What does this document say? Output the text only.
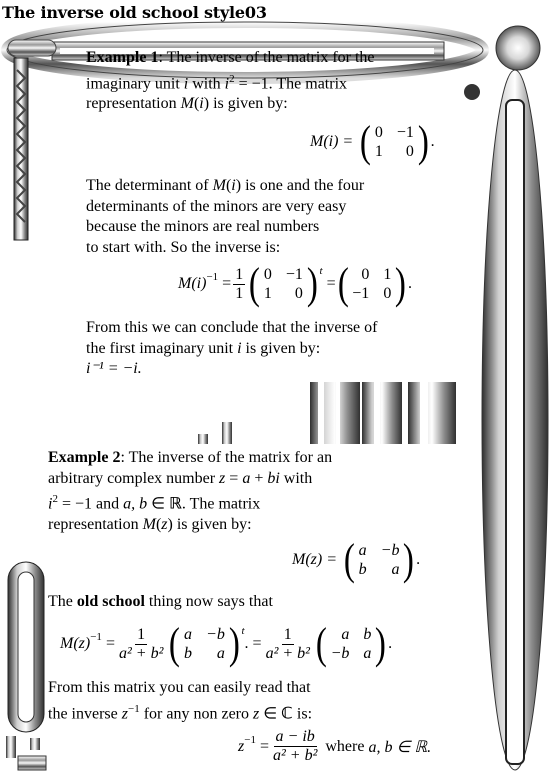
The inverse old school style03

Example 1: The inverse of the matrix for the
imaginary unit i with $i^2 = -1$. The matrix
representation M(i) is given by:

M(i) = ( 0 −1
1	0 ) .

The determinant of M(i) is one and the four
determinants of the minors are very easy
because the minors are real numbers
to start with. So the inverse is:

$M(i)^{-1} = \frac{1}{1}$ ( 0 −1
1	0 )$^t$
= ( 0 1
−1 0 ) .

From this we can conclude that the inverse of
the first imaginary unit i is given by:
i⁻¹ = −i.

Example 2: The inverse of the matrix for an
arbitrary complex number z = a + bi with
$i^2 = -1$ and a, b ∈ ℝ. The matrix
representation M(z) is given by:

M(z) = ( a −b
b	a ) .

The old school thing now says that

$M(z)^{-1} = \frac{1}{\text{a² + b²}}$ ( a −b
b	a )$^t$
. = $\frac{1}{\text{a² + b²}}$ ( a b
−b a ) .

From this matrix you can easily read that
the inverse $z^{-1}$ for any non zero z ∈ ℂ is:

$z^{-1} = \frac{a - ib}{\text{a² + b²}}$
where
a, b ∈ ℝ.
